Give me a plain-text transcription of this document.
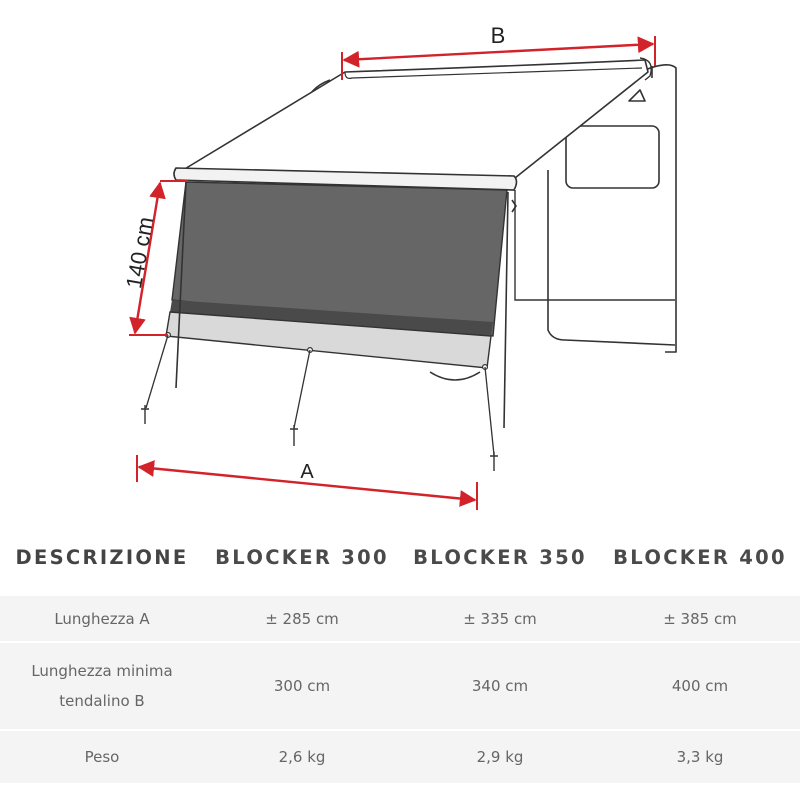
B
A
140 cm
DESCRIZIONE	BLOCKER 300	BLOCKER 350	BLOCKER 400

Lunghezza A	± 285 cm	± 335 cm	± 385 cm
Lunghezza minima tendalino B	300 cm	340 cm	400 cm
Peso	2,6 kg	2,9 kg	3,3 kg
